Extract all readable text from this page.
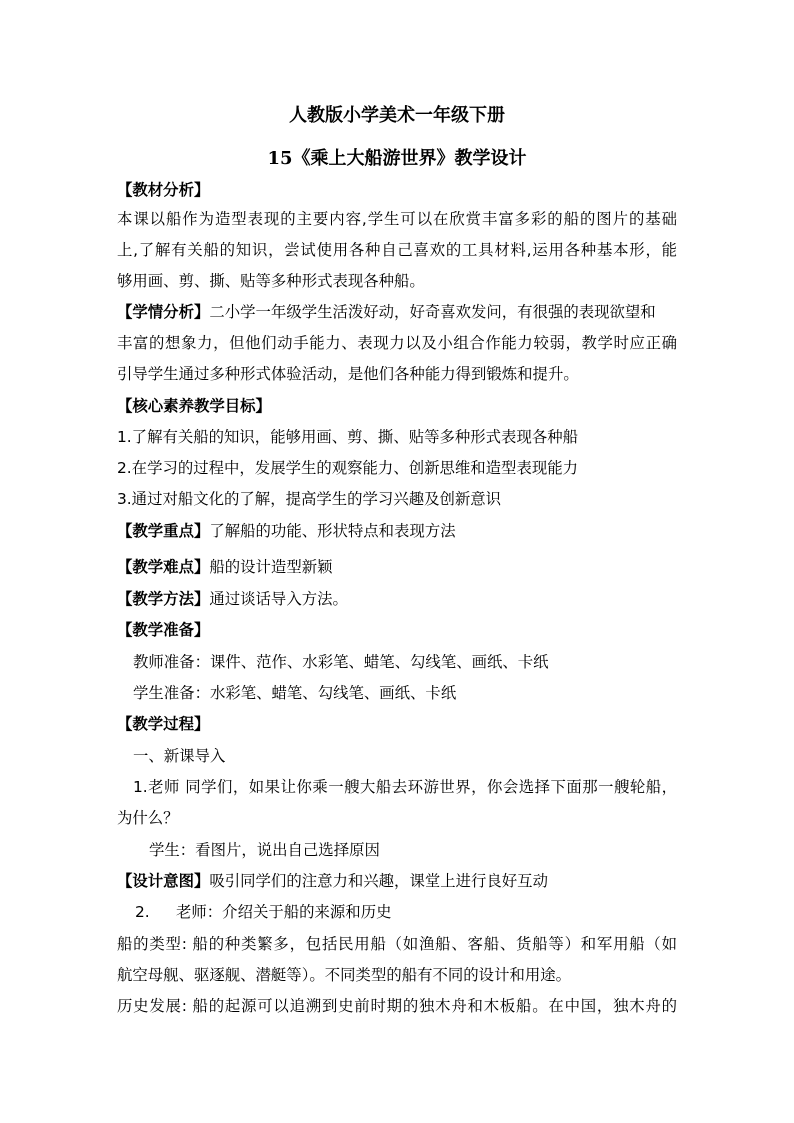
人教版小学美术一年级下册
15《乘上大船游世界》教学设计
【教材分析】
本课以船作为造型表现的主要内容,学生可以在欣赏丰富多彩的船的图片的基础
上,了解有关船的知识，尝试使用各种自己喜欢的工具材料,运用各种基本形，能
够用画、剪、撕、贴等多种形式表现各种船。
【学情分析】二小学一年级学生活泼好动，好奇喜欢发问，有很强的表现欲望和
丰富的想象力，但他们动手能力、表现力以及小组合作能力较弱，教学时应正确
引导学生通过多种形式体验活动，是他们各种能力得到锻炼和提升。
【核心素养教学目标】
1.了解有关船的知识，能够用画、剪、撕、贴等多种形式表现各种船
2.在学习的过程中，发展学生的观察能力、创新思维和造型表现能力
3.通过对船文化的了解，提高学生的学习兴趣及创新意识
【教学重点】了解船的功能、形状特点和表现方法
【教学难点】船的设计造型新颖
【教学方法】通过谈话导入方法。
【教学准备】
教师准备：课件、范作、水彩笔、蜡笔、勾线笔、画纸、卡纸
学生准备：水彩笔、蜡笔、勾线笔、画纸、卡纸
【教学过程】
一、新课导入
1.老师 同学们，如果让你乘一艘大船去环游世界，你会选择下面那一艘轮船，
为什么？
学生：看图片，说出自己选择原因
【设计意图】吸引同学们的注意力和兴趣，课堂上进行良好互动
2. 老师：介绍关于船的来源和历史
船的类型: 船的种类繁多，包括民用船（如渔船、客船、货船等）和军用船（如
航空母舰、驱逐舰、潜艇等）。不同类型的船有不同的设计和用途。
历史发展: 船的起源可以追溯到史前时期的独木舟和木板船。在中国，独木舟的
